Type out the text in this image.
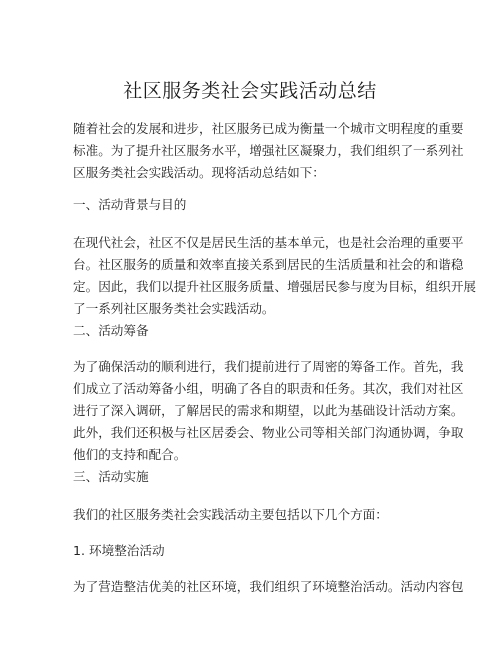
社区服务类社会实践活动总结
随着社会的发展和进步，社区服务已成为衡量一个城市文明程度的重要
标准。为了提升社区服务水平，增强社区凝聚力，我们组织了一系列社
区服务类社会实践活动。现将活动总结如下：
一、活动背景与目的
在现代社会，社区不仅是居民生活的基本单元，也是社会治理的重要平
台。社区服务的质量和效率直接关系到居民的生活质量和社会的和谐稳
定。因此，我们以提升社区服务质量、增强居民参与度为目标，组织开展
了一系列社区服务类社会实践活动。
二、活动筹备
为了确保活动的顺利进行，我们提前进行了周密的筹备工作。首先，我
们成立了活动筹备小组，明确了各自的职责和任务。其次，我们对社区
进行了深入调研，了解居民的需求和期望，以此为基础设计活动方案。
此外，我们还积极与社区居委会、物业公司等相关部门沟通协调，争取
他们的支持和配合。
三、活动实施
我们的社区服务类社会实践活动主要包括以下几个方面：
1. 环境整治活动
为了营造整洁优美的社区环境，我们组织了环境整治活动。活动内容包
